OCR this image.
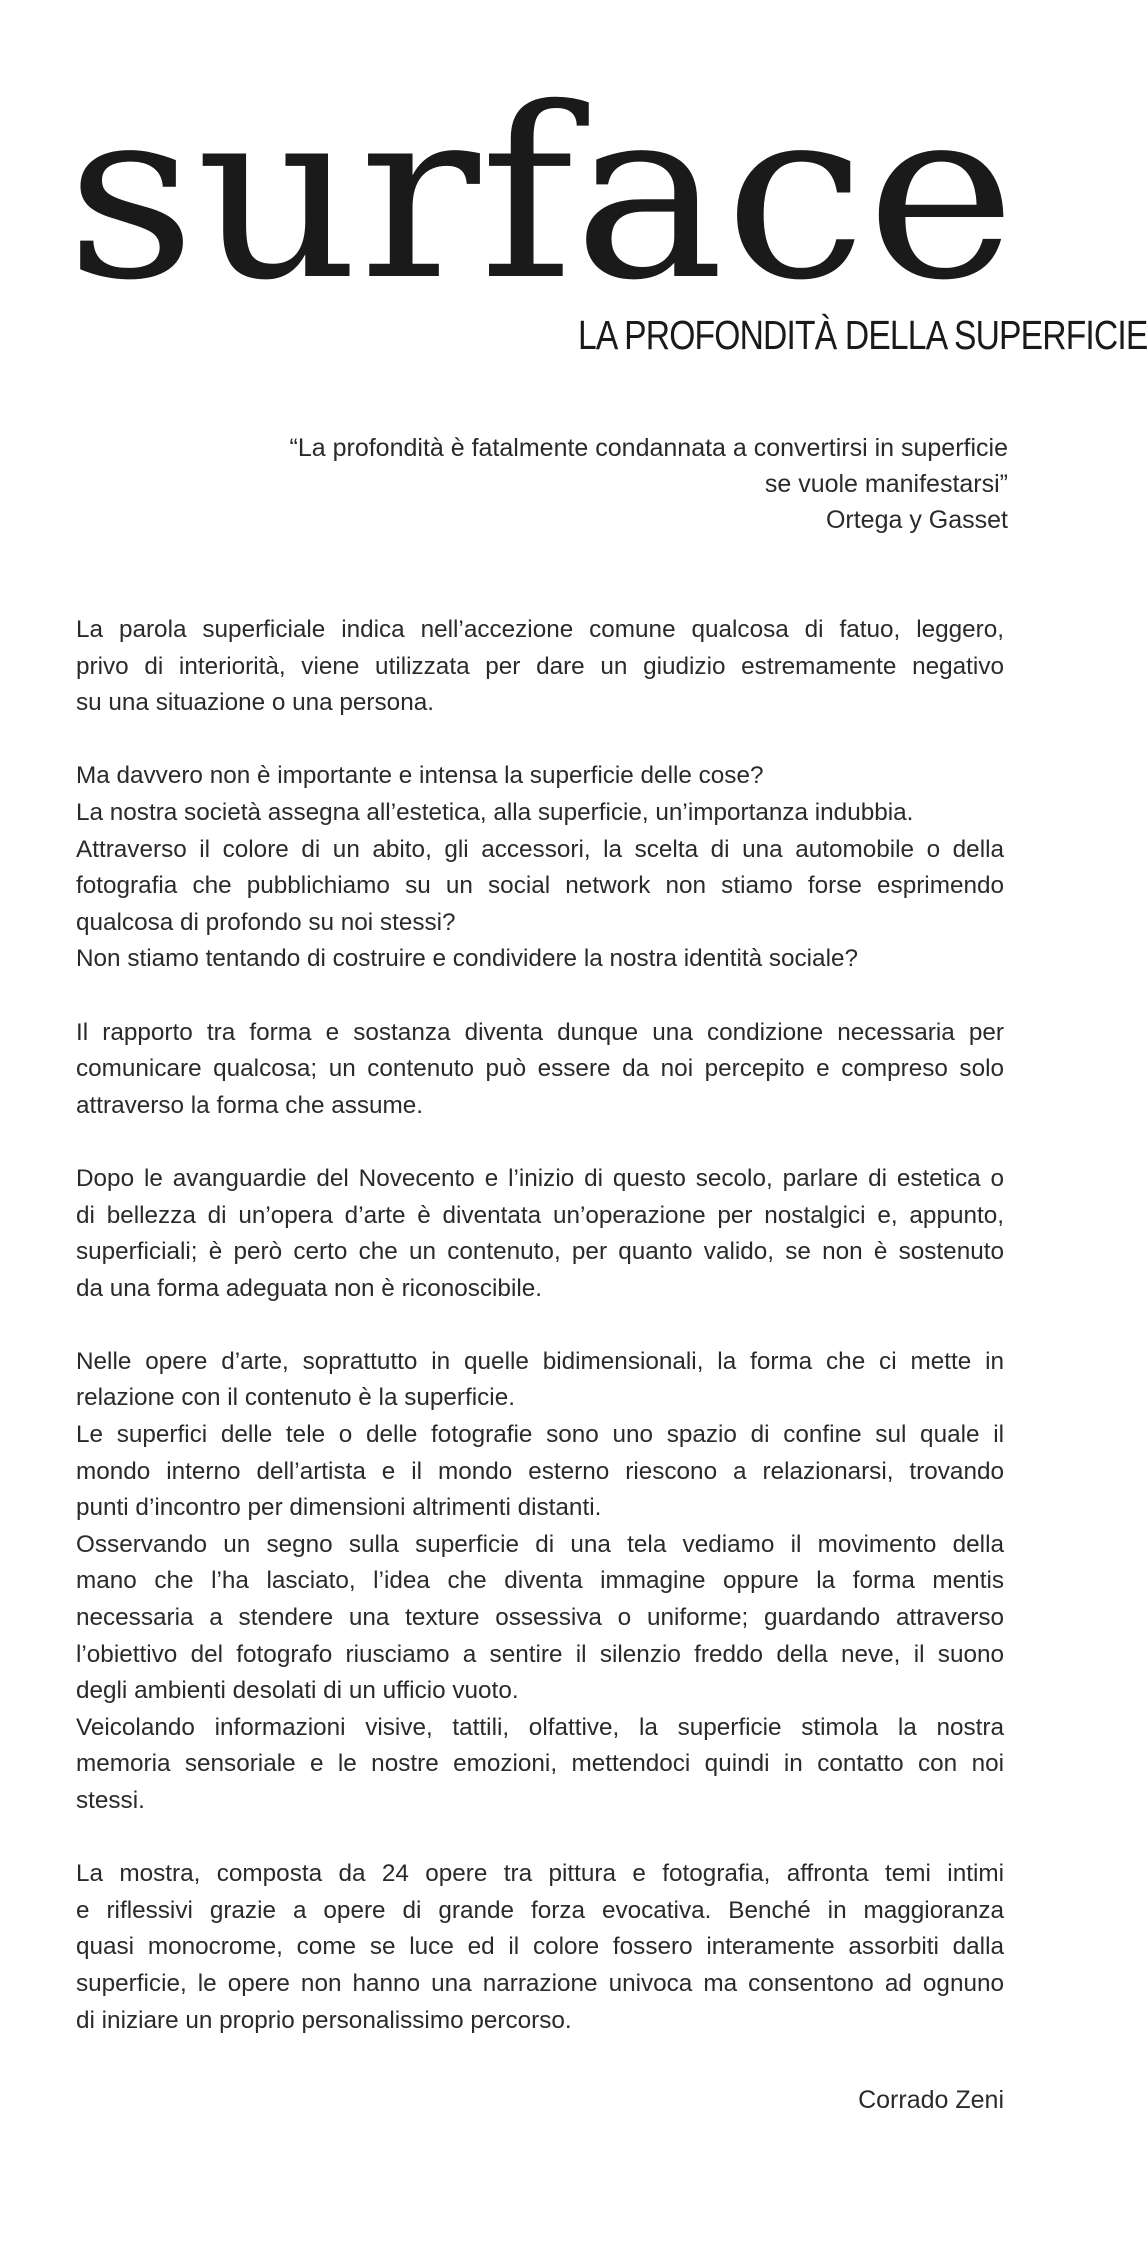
surface
LA PROFONDITÀ DELLA SUPERFICIE
“La profondità è fatalmente condannata a convertirsi in superficie
se vuole manifestarsi”
Ortega y Gasset
La parola superficiale indica nell’accezione comune qualcosa di fatuo, leggero,
privo di interiorità, viene utilizzata per dare un giudizio estremamente negativo
su una situazione o una persona.
Ma davvero non è importante e intensa la superficie delle cose?
La nostra società assegna all’estetica, alla superficie, un’importanza indubbia.
Attraverso il colore di un abito, gli accessori, la scelta di una automobile o della
fotografia che pubblichiamo su un social network non stiamo forse esprimendo
qualcosa di profondo su noi stessi?
Non stiamo tentando di costruire e condividere la nostra identità sociale?
Il rapporto tra forma e sostanza diventa dunque una condizione necessaria per
comunicare qualcosa; un contenuto può essere da noi percepito e compreso solo
attraverso la forma che assume.
Dopo le avanguardie del Novecento e l’inizio di questo secolo, parlare di estetica o
di bellezza di un’opera d’arte è diventata un’operazione per nostalgici e, appunto,
superficiali; è però certo che un contenuto, per quanto valido, se non è sostenuto
da una forma adeguata non è riconoscibile.
Nelle opere d’arte, soprattutto in quelle bidimensionali, la forma che ci mette in
relazione con il contenuto è la superficie.
Le superfici delle tele o delle fotografie sono uno spazio di confine sul quale il
mondo interno dell’artista e il mondo esterno riescono a relazionarsi, trovando
punti d’incontro per dimensioni altrimenti distanti.
Osservando un segno sulla superficie di una tela vediamo il movimento della
mano che l’ha lasciato, l’idea che diventa immagine oppure la forma mentis
necessaria a stendere una texture ossessiva o uniforme; guardando attraverso
l’obiettivo del fotografo riusciamo a sentire il silenzio freddo della neve, il suono
degli ambienti desolati di un ufficio vuoto.
Veicolando informazioni visive, tattili, olfattive, la superficie stimola la nostra
memoria sensoriale e le nostre emozioni, mettendoci quindi in contatto con noi
stessi.
La mostra, composta da 24 opere tra pittura e fotografia, affronta temi intimi
e riflessivi grazie a opere di grande forza evocativa. Benché in maggioranza
quasi monocrome, come se luce ed il colore fossero interamente assorbiti dalla
superficie, le opere non hanno una narrazione univoca ma consentono ad ognuno
di iniziare un proprio personalissimo percorso.
Corrado Zeni
